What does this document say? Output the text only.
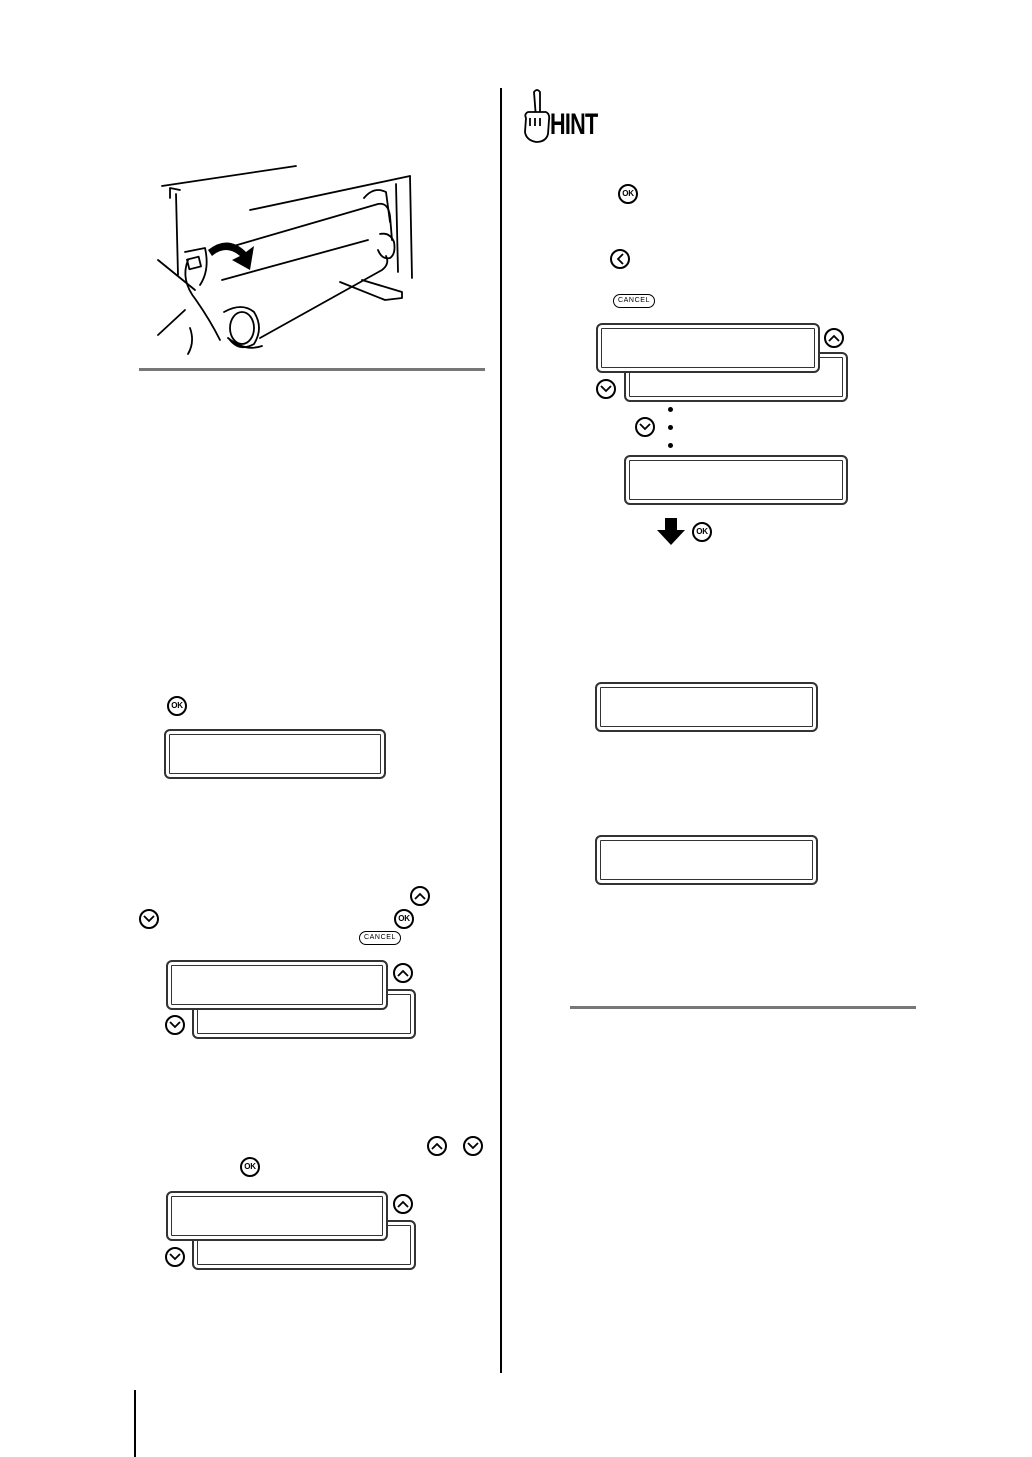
HINT
OK
OK
CANCEL
OK
OK
CANCEL
OK
